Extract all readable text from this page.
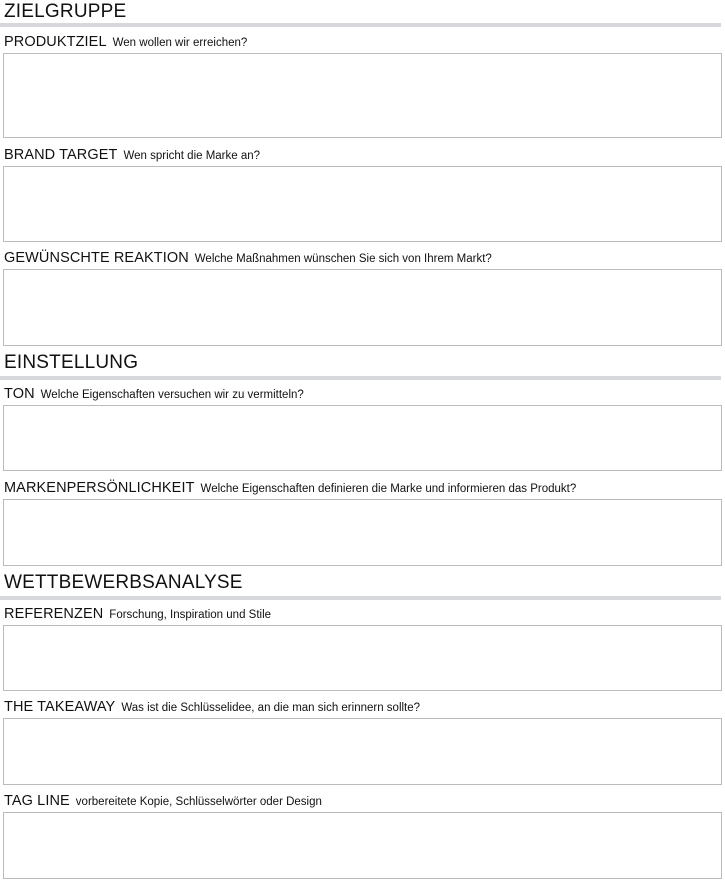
ZIELGRUPPE
PRODUKTZIEL Wen wollen wir erreichen?
BRAND TARGET Wen spricht die Marke an?
GEWÜNSCHTE REAKTION Welche Maßnahmen wünschen Sie sich von Ihrem Markt?
EINSTELLUNG
TON Welche Eigenschaften versuchen wir zu vermitteln?
MARKENPERSÖNLICHKEIT Welche Eigenschaften definieren die Marke und informieren das Produkt?
WETTBEWERBSANALYSE
REFERENZEN Forschung, Inspiration und Stile
THE TAKEAWAY Was ist die Schlüsselidee, an die man sich erinnern sollte?
TAG LINE vorbereitete Kopie, Schlüsselwörter oder Design
